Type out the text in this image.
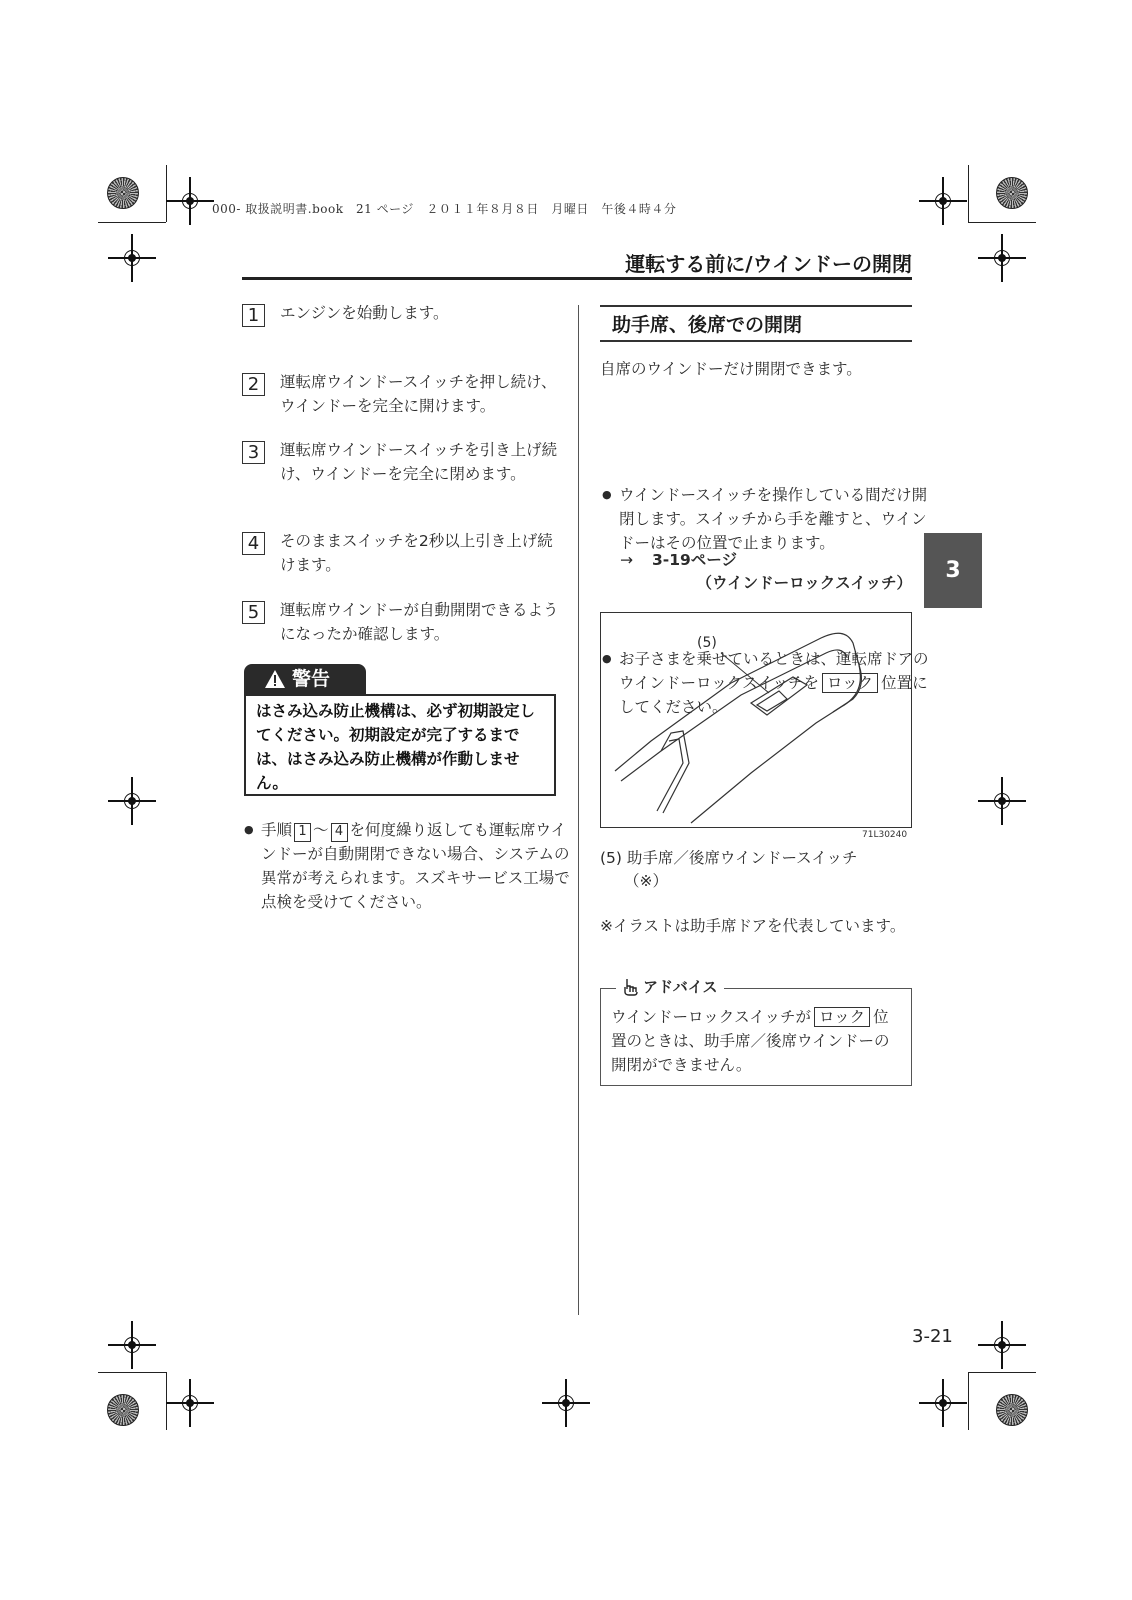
000- 取扱説明書.book　21 ページ　２０１１年８月８日　月曜日　午後４時４分
運転する前に/ウインドーの開閉
1	エンジンを始動します。
2	運転席ウインドースイッチを押し続け、ウインドーを完全に開けます。
3	運転席ウインドースイッチを引き上げ続け、ウインドーを完全に閉めます。
4	そのままスイッチを2秒以上引き上げ続けます。
5	運転席ウインドーが自動開閉できるようになったか確認します。
警告
はさみ込み防止機構は、必ず初期設定してください。初期設定が完了するまでは、はさみ込み防止機構が作動しません。
● 手順 1 ～ 4 を何度繰り返しても運転席ウインドーが自動開閉できない場合、システムの異常が考えられます。スズキサービス工場で点検を受けてください。
助手席、後席での開閉
自席のウインドーだけ開閉できます。
● ウインドースイッチを操作している間だけ開閉します。スイッチから手を離すと、ウインドーはその位置で止まります。
● お子さまを乗せているときは、運転席ドアのウインドーロックスイッチを ロック 位置にしてください。
→ 3-19ページ
（ウインドーロックスイッチ）
(5)
71L30240
(5) 助手席／後席ウインドースイッチ
（※）
※イラストは助手席ドアを代表しています。
ウインドーロックスイッチが ロック 位置のときは、助手席／後席ウインドーの開閉ができません。
アドバイス
3
3-21
